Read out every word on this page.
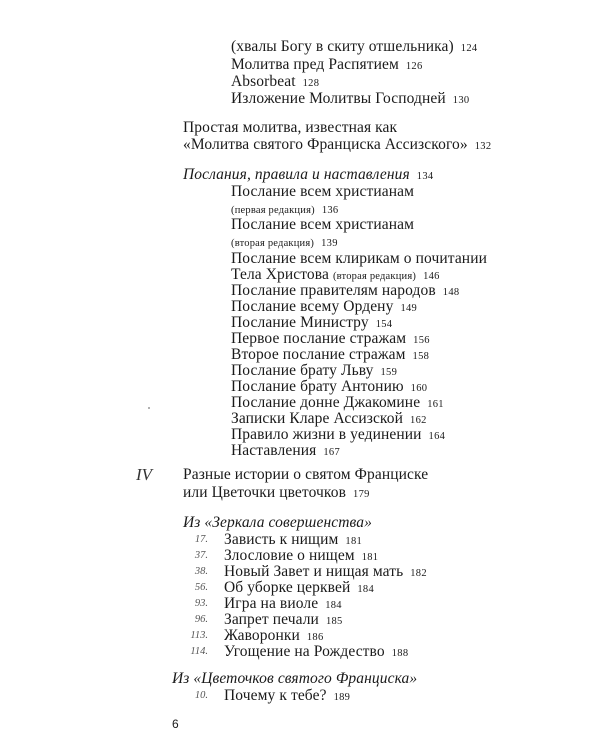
(хвалы Богу в скиту отшельника) 124
Молитва пред Распятием 126
Absorbeat 128
Изложение Молитвы Господней 130
Простая молитва, известная как
«Молитва святого Франциска Ассизского» 132
Послания, правила и наставления 134
Послание всем христианам
(первая редакция) 136
Послание всем христианам
(вторая редакция) 139
Послание всем клирикам о почитании
Тела Христова (вторая редакция) 146
Послание правителям народов 148
Послание всему Ордену 149
Послание Министру 154
Первое послание стражам 156
Второе послание стражам 158
Послание брату Льву 159
Послание брату Антонию 160
Послание донне Джакомине 161
Записки Кларе Ассизской 162
Правило жизни в уединении 164
Наставления 167
IV Разные истории о святом Франциске
или Цветочки цветочков 179
Из «Зеркала совершенства»
17. Зависть к нищим 181
37. Злословие о нищем 181
38. Новый Завет и нищая мать 182
56. Об уборке церквей 184
93. Игра на виоле 184
96. Запрет печали 185
113. Жаворонки 186
114. Угощение на Рождество 188
Из «Цветочков святого Франциска»
10. Почему к тебе? 189
6
